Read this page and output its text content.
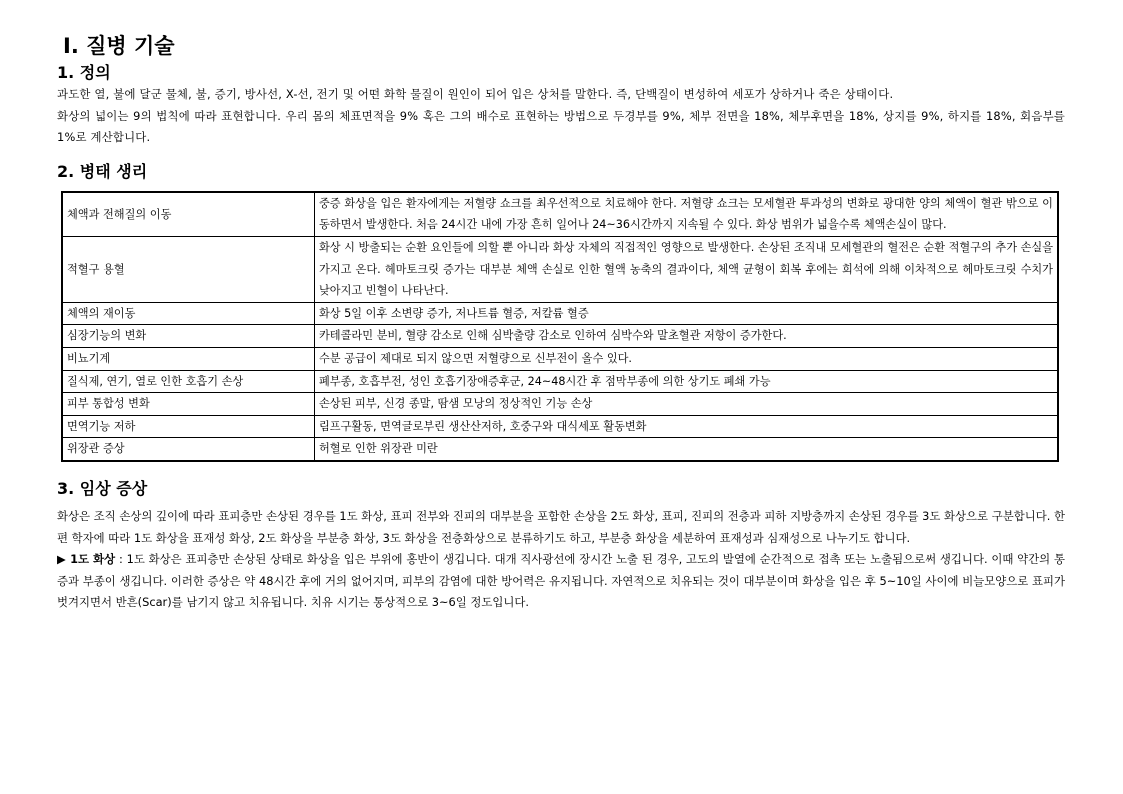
Ⅰ. 질병 기술
1. 정의

과도한 열, 불에 달군 물체, 불, 증기, 방사선, X-선, 전기 및 어떤 화학 물질이 원인이 되어 입은 상처를 말한다. 즉, 단백질이 변성하여 세포가 상하거나 죽은 상태이다.

화상의 넓이는 9의 법칙에 따라 표현합니다. 우리 몸의 체표면적을 9% 혹은 그의 배수로 표현하는 방법으로 두경부를 9%, 체부 전면을 18%, 체부후면을 18%, 상지를 9%, 하지를 18%, 회음부를 1%로 계산합니다.

2. 병태 생리
체액과 전해질의 이동	중증 화상을 입은 환자에게는 저혈량 쇼크를 최우선적으로 치료해야 한다. 저혈량 쇼크는 모세혈관 투과성의 변화로 광대한 양의 체액이 혈관 밖으로 이동하면서 발생한다. 처음 24시간 내에 가장 흔히 일어나 24~36시간까지 지속될 수 있다. 화상 범위가 넓을수록 체액손실이 많다.
적혈구 용혈	화상 시 방출되는 순환 요인들에 의할 뿐 아니라 화상 자체의 직접적인 영향으로 발생한다. 손상된 조직내 모세혈관의 혈전은 순환 적혈구의 추가 손실을 가지고 온다. 헤마토크릿 증가는 대부분 체액 손실로 인한 혈액 농축의 결과이다, 체액 균형이 회복 후에는 희석에 의해 이차적으로 헤마토크릿 수치가 낮아지고 빈혈이 나타난다.
체액의 재이동	화상 5일 이후 소변량 증가, 저나트륨 혈증, 저칼륨 혈증
심장기능의 변화	카테콜라민 분비, 혈량 감소로 인해 심박출량 감소로 인하여 심박수와 말초혈관 저항이 증가한다.
비뇨기계	수분 공급이 제대로 되지 않으면 저혈량으로 신부전이 올수 있다.
질식제, 연기, 열로 인한 호흡기 손상	폐부종, 호흡부전, 성인 호흡기장애증후군, 24~48시간 후 점막부종에 의한 상기도 폐쇄 가능
피부 통합성 변화	손상된 피부, 신경 종말, 땀샘 모낭의 정상적인 기능 손상
면역기능 저하	림프구활동, 면역글로부린 생산산저하, 호중구와 대식세포 활동변화
위장관 증상	허혈로 인한 위장관 미란
3. 임상 증상

화상은 조직 손상의 깊이에 따라 표피층만 손상된 경우를 1도 화상, 표피 전부와 진피의 대부분을 포함한 손상을 2도 화상, 표피, 진피의 전층과 피하 지방층까지 손상된 경우를 3도 화상으로 구분합니다. 한편 학자에 따라 1도 화상을 표재성 화상, 2도 화상을 부분층 화상, 3도 화상을 전층화상으로 분류하기도 하고, 부분층 화상을 세분하여 표재성과 심재성으로 나누기도 합니다.

▶ 1도 화상 : 1도 화상은 표피층만 손상된 상태로 화상을 입은 부위에 홍반이 생깁니다. 대개 직사광선에 장시간 노출 된 경우, 고도의 발열에 순간적으로 접촉 또는 노출됨으로써 생깁니다. 이때 약간의 통증과 부종이 생깁니다. 이러한 증상은 약 48시간 후에 거의 없어지며, 피부의 감염에 대한 방어력은 유지됩니다. 자연적으로 치유되는 것이 대부분이며 화상을 입은 후 5~10일 사이에 비늘모양으로 표피가 벗겨지면서 반흔(Scar)를 남기지 않고 치유됩니다. 치유 시기는 통상적으로 3~6일 정도입니다.
